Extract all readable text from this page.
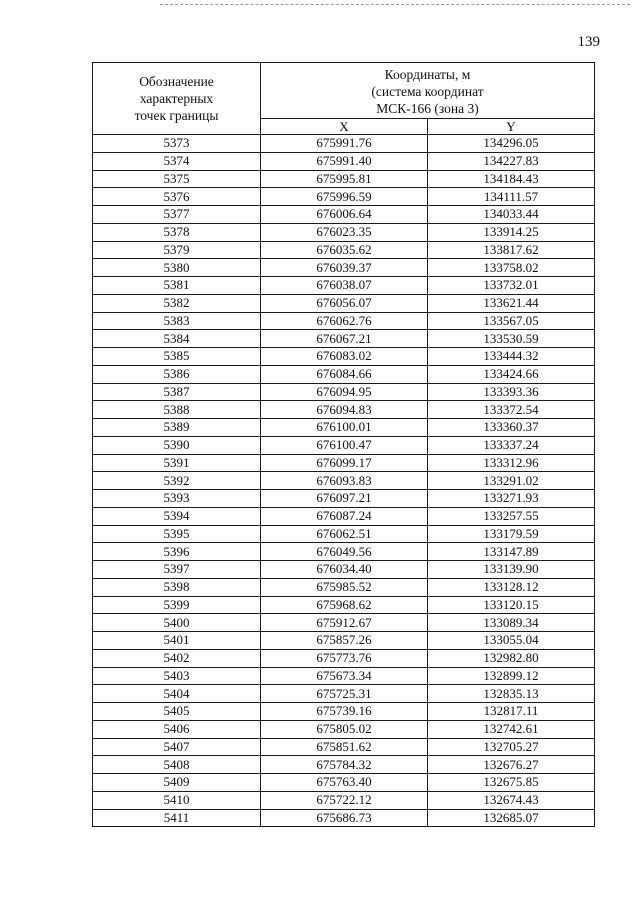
139
Обозначение
характерных
точек границы	Координаты, м
(система координат
МСК-166 (зона 3)	

	X	Y
5373	675991.76	134296.05
5374	675991.40	134227.83
5375	675995.81	134184.43
5376	675996.59	134111.57
5377	676006.64	134033.44
5378	676023.35	133914.25
5379	676035.62	133817.62
5380	676039.37	133758.02
5381	676038.07	133732.01
5382	676056.07	133621.44
5383	676062.76	133567.05
5384	676067.21	133530.59
5385	676083.02	133444.32
5386	676084.66	133424.66
5387	676094.95	133393.36
5388	676094.83	133372.54
5389	676100.01	133360.37
5390	676100.47	133337.24
5391	676099.17	133312.96
5392	676093.83	133291.02
5393	676097.21	133271.93
5394	676087.24	133257.55
5395	676062.51	133179.59
5396	676049.56	133147.89
5397	676034.40	133139.90
5398	675985.52	133128.12
5399	675968.62	133120.15
5400	675912.67	133089.34
5401	675857.26	133055.04
5402	675773.76	132982.80
5403	675673.34	132899.12
5404	675725.31	132835.13
5405	675739.16	132817.11
5406	675805.02	132742.61
5407	675851.62	132705.27
5408	675784.32	132676.27
5409	675763.40	132675.85
5410	675722.12	132674.43
5411	675686.73	132685.07
